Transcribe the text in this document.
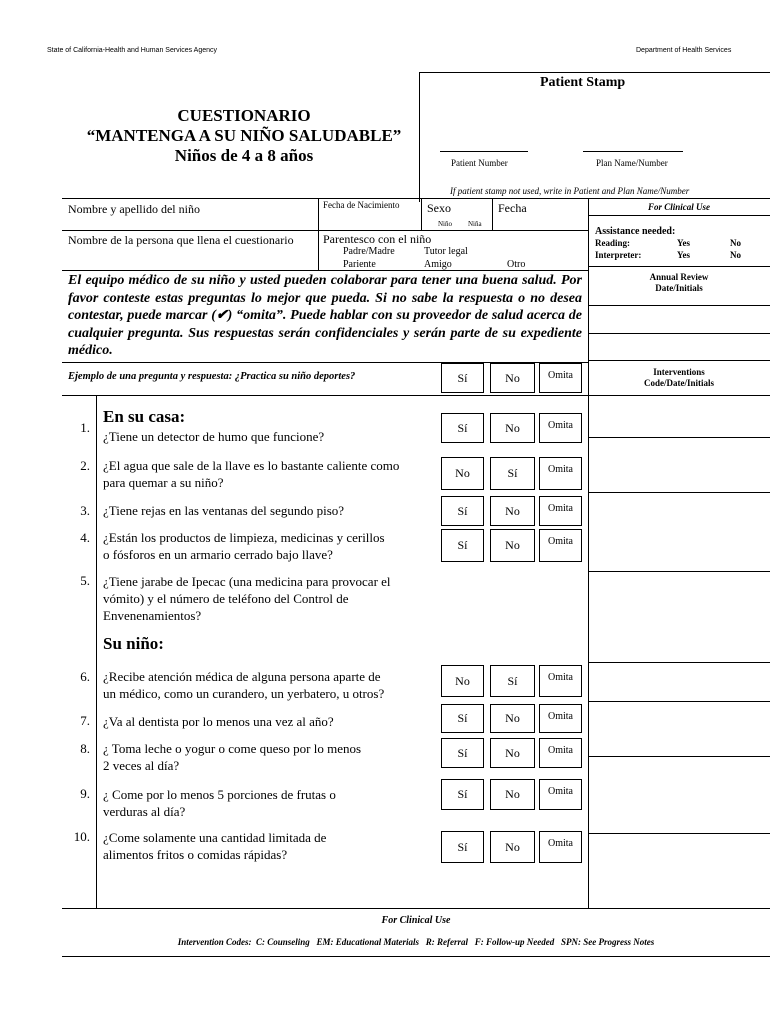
State of California-Health and Human Services Agency	Department of Health Services
CUESTIONARIO
“MANTENGA A SU NIÑO SALUDABLE”
Niños de 4 a 8 años
Patient Stamp
Patient Number	Plan Name/Number
If patient stamp not used, write in Patient and Plan Name/Number
Nombre y apellido del niño	Fecha de Nacimiento Sexo
Niño Niña
Fecha
Nombre de la persona que llena el cuestionario Parentesco con el niño
Padre/Madre	Tutor legal
Pariente	Amigo	Otro
For Clinical Use
Assistance needed:
Reading:	Yes	No
Interpreter:	Yes	No
Annual Review
Date/Initials
Interventions
Code/Date/Initials
El equipo médico de su niño y usted pueden colaborar para tener una buena salud. Por favor conteste estas preguntas lo mejor que pueda. Si no sabe la respuesta o no desea contestar, puede marcar (✔) “omita”. Puede hablar con su proveedor de salud acerca de cualquier pregunta. Sus respuestas serán confidenciales y serán parte de su expediente médico.
Ejemplo de una pregunta y respuesta: ¿Practica su niño deportes?	Sí	No	Omita
En su casa:
1.
¿Tiene un detector de humo que funcione?
Sí	No	Omita
2. ¿El agua que sale de la llave es lo bastante caliente como
para quemar a su niño?
No	Sí	Omita
3. ¿Tiene rejas en las ventanas del segundo piso?	Sí	No	Omita
4. ¿Están los productos de limpieza, medicinas y cerillos
o fósforos en un armario cerrado bajo llave?
Sí	No	Omita
5. ¿Tiene jarabe de Ipecac (una medicina para provocar el
vómito) y el número de teléfono del Control de
Envenenamientos?
Su niño:
6. ¿Recibe atención médica de alguna persona aparte de
un médico, como un curandero, un yerbatero, u otros?
No	Sí	Omita
7. ¿Va al dentista por lo menos una vez al año?	Sí	No	Omita
8. ¿ Toma leche o yogur o come queso por lo menos
2 veces al día?
Sí	No	Omita
9. ¿ Come por lo menos 5 porciones de frutas o
verduras al día?
Sí	No	Omita
10. ¿Come solamente una cantidad limitada de
alimentos fritos o comidas rápidas?
Sí	No	Omita
For Clinical Use
Intervention Codes:  C: Counseling   EM: Educational Materials   R: Referral   F: Follow-up Needed   SPN: See Progress Notes
